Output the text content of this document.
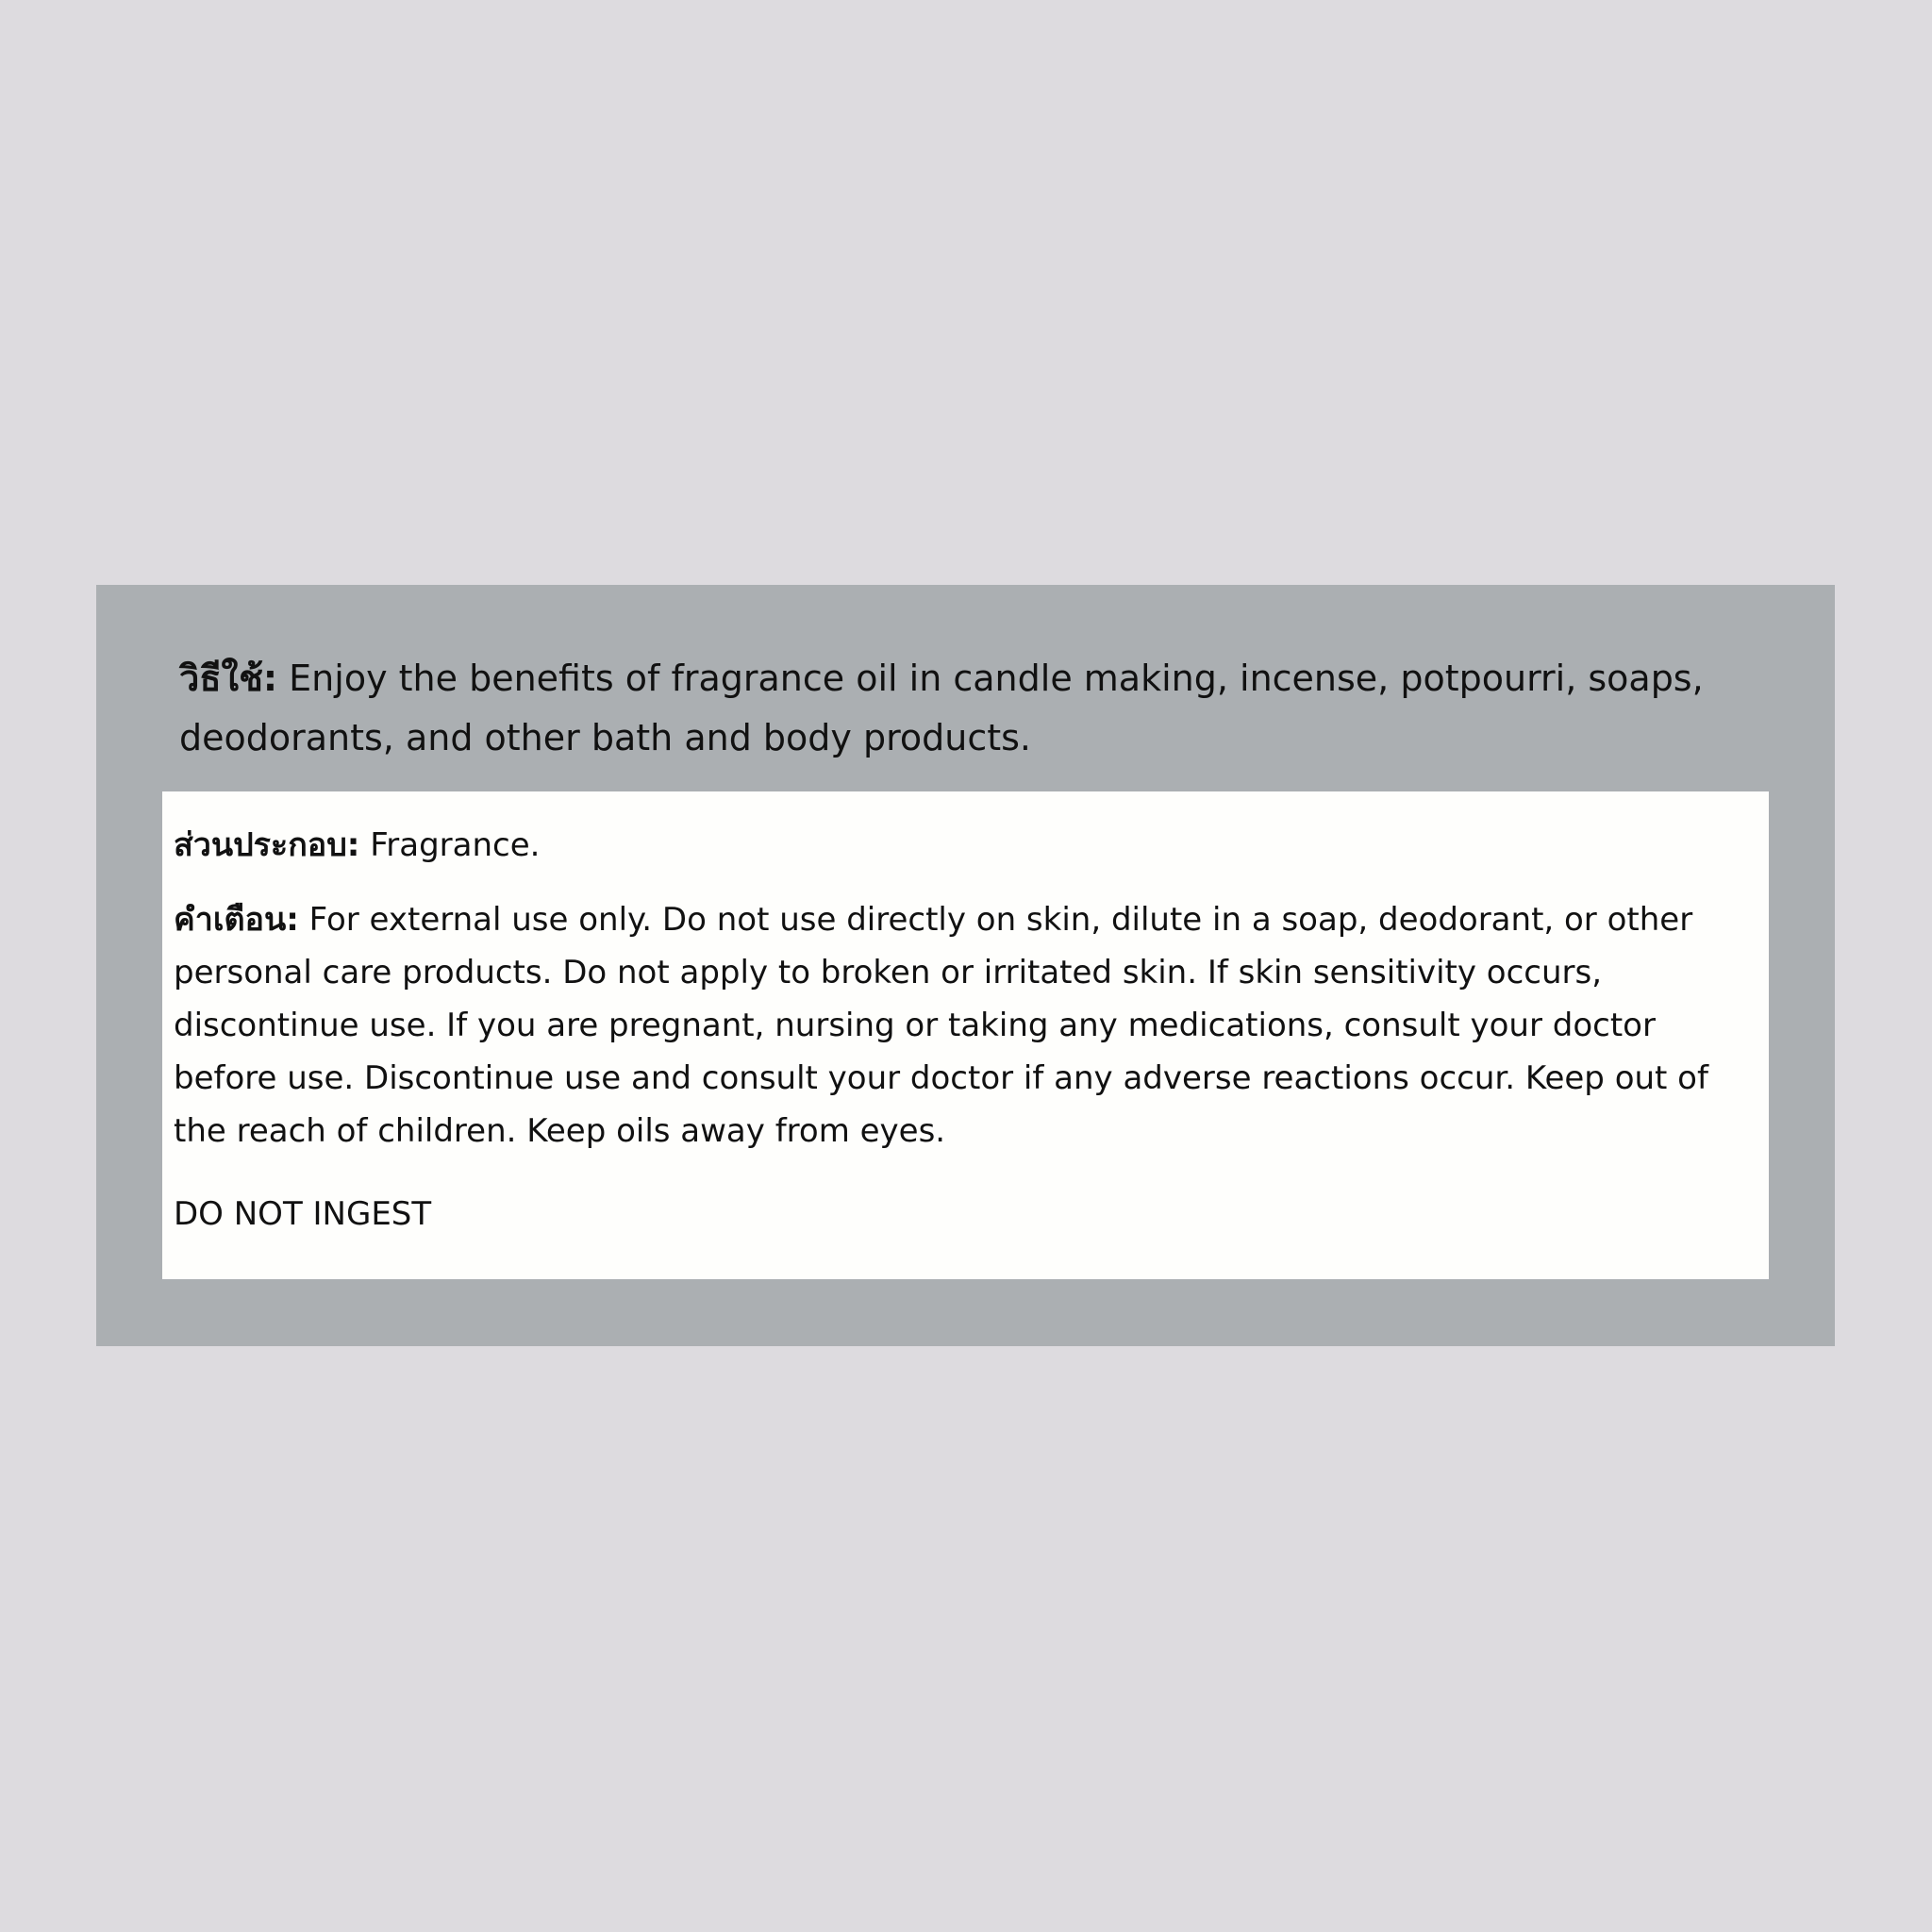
วิธีใช้: Enjoy the benefits of fragrance oil in candle making, incense, potpourri, soaps, deodorants, and other bath and body products.

ส่วนประกอบ: Fragrance.

คำเตือน: For external use only. Do not use directly on skin, dilute in a soap, deodorant, or other personal care products. Do not apply to broken or irritated skin. If skin sensitivity occurs, discontinue use. If you are pregnant, nursing or taking any medications, consult your doctor before use. Discontinue use and consult your doctor if any adverse reactions occur. Keep out of the reach of children. Keep oils away from eyes.

DO NOT INGEST
